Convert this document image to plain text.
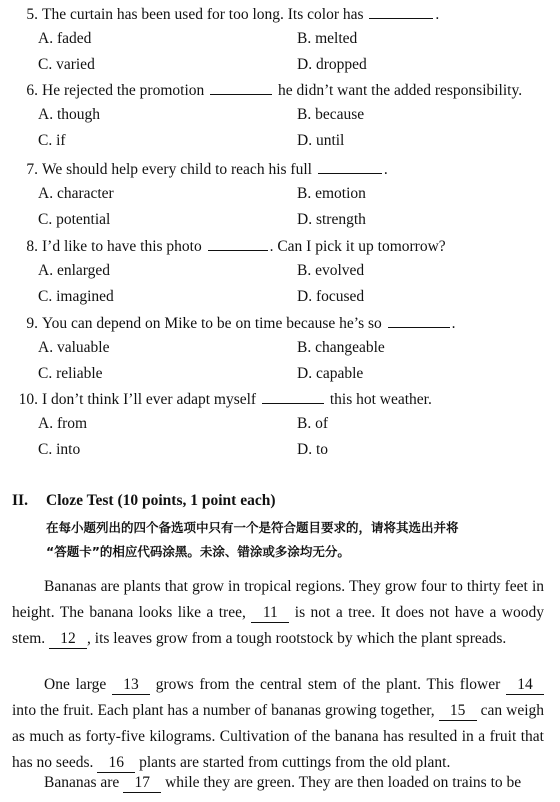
5. The curtain has been used for too long. Its color has	.
A. faded	B. melted
C. varied	D. dropped
6. He rejected the promotion	he didn’t want the added responsibility.
A. though	B. because
C. if	D. until
7. We should help every child to reach his full	.
A. character	B. emotion
C. potential	D. strength
8. I’d like to have this photo	. Can I pick it up tomorrow?
A. enlarged	B. evolved
C. imagined	D. focused
9. You can depend on Mike to be on time because he’s so	.
A. valuable	B. changeable
C. reliable	D. capable
10. I don’t think I’ll ever adapt myself	this hot weather.
A. from	B. of
C. into	D. to
II. Cloze Test (10 points, 1 point each)
在每小题列出的四个备选项中只有一个是符合题目要求的，请将其选出并将
“答题卡”的相应代码涂黑。未涂、错涂或多涂均无分。
Bananas are plants that grow in tropical regions. They grow four to thirty feet in height. The banana looks like a tree, 11 is not a tree. It does not have a woody stem. 12 , its leaves grow from a tough rootstock by which the plant spreads.
One large 13 grows from the central stem of the plant. This flower 14 into the fruit. Each plant has a number of bananas growing together, 15 can weigh as much as forty-five kilograms. Cultivation of the banana has resulted in a fruit that has no seeds. 16 plants are started from cuttings from the old plant.
Bananas are 17 while they are green. They are then loaded on trains to be
